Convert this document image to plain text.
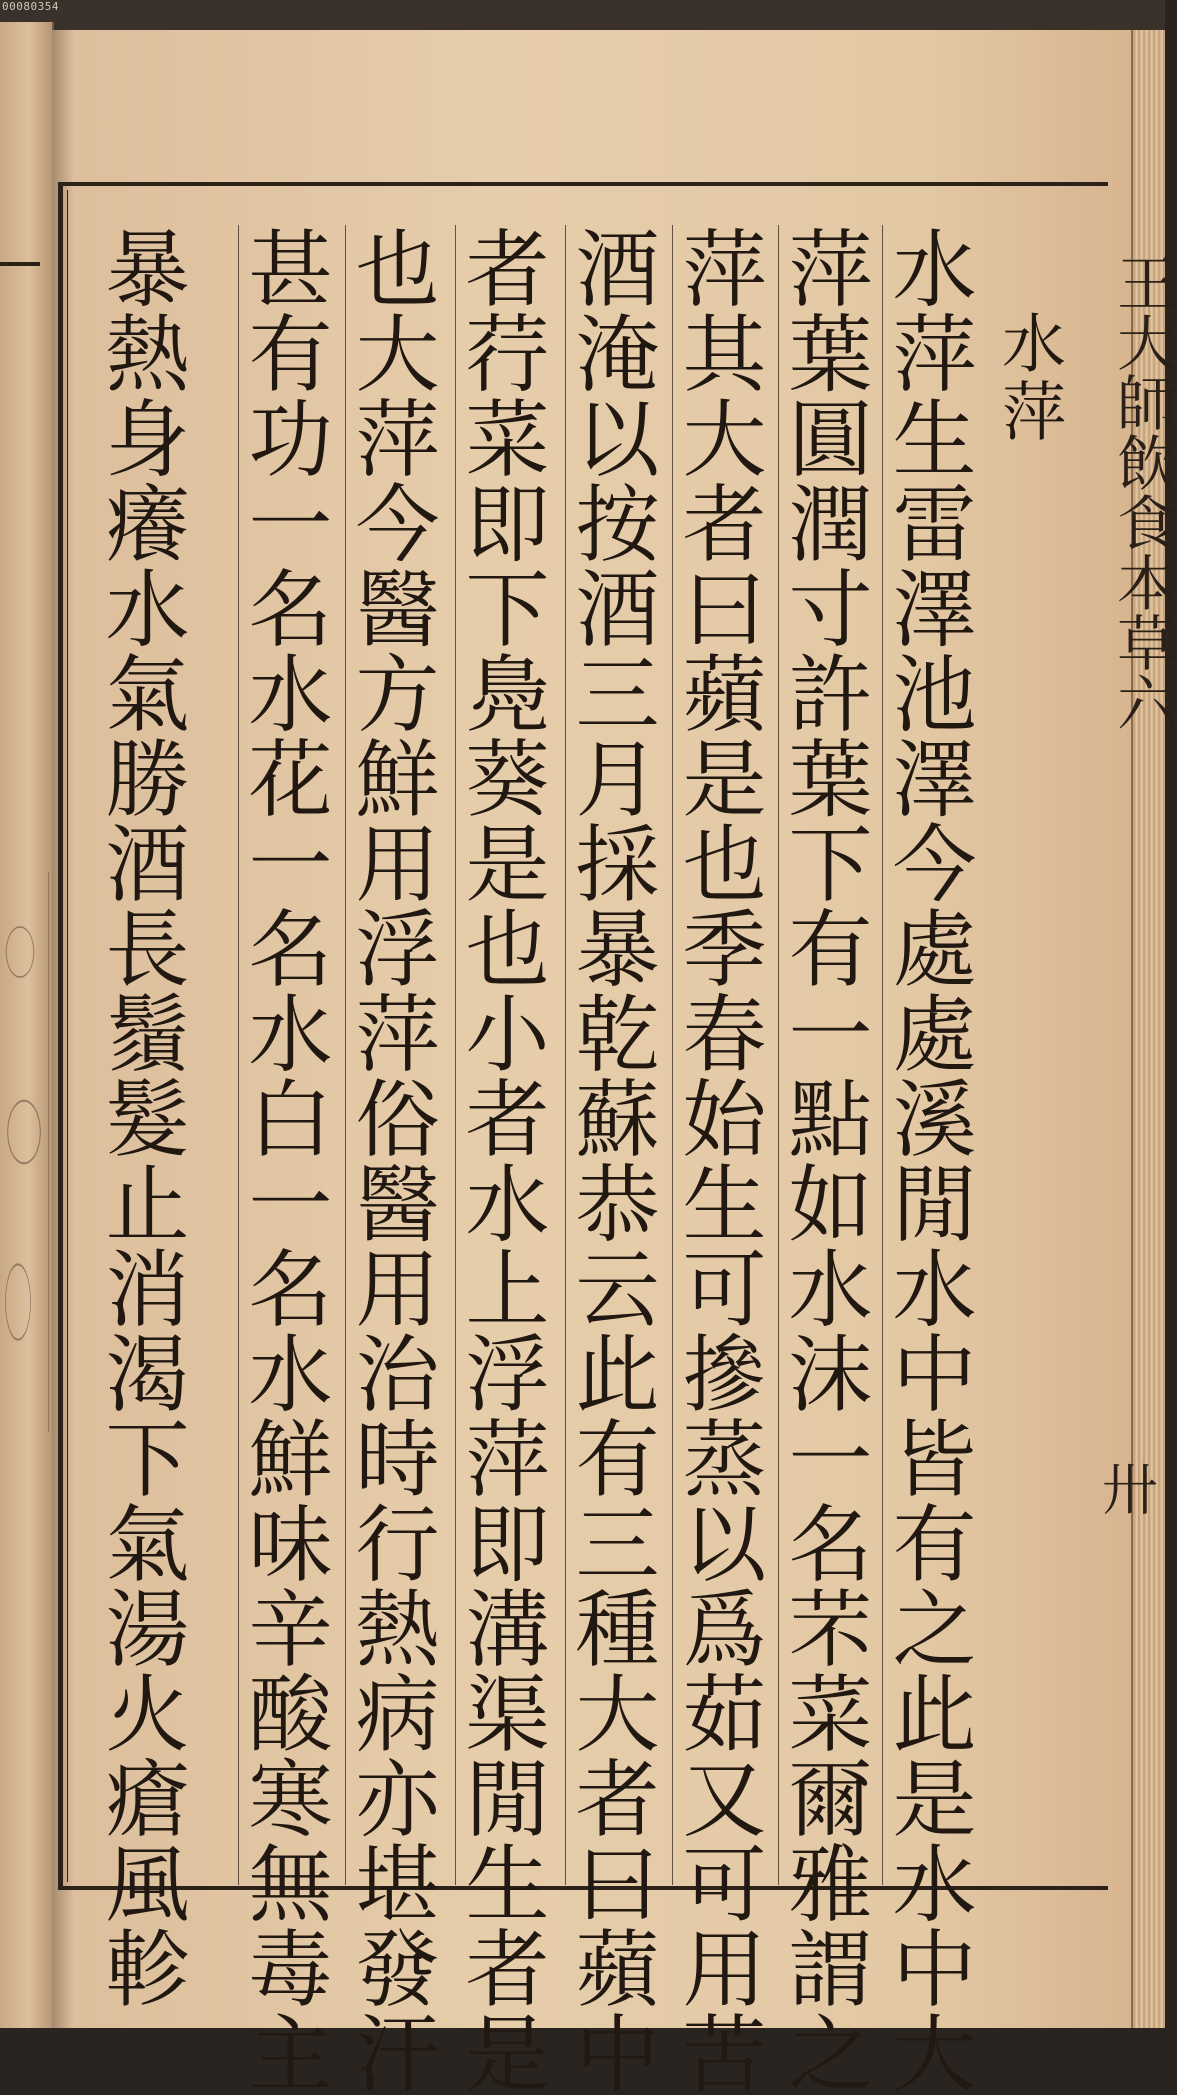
00080354
王大師飲食本草六
卅
水萍
水萍生雷澤池澤今處處溪閒水中皆有之此是水中大
萍葉圓潤寸許葉下有一點如水沫一名芣菜爾雅謂之
萍其大者曰蘋是也季春始生可摻蒸以爲茹又可用苦
酒淹以按酒三月採暴乾蘇恭云此有三種大者曰蘋中
者荇菜即下鳧葵是也小者水上浮萍即溝渠閒生者是
也大萍今醫方鮮用浮萍俗醫用治時行熱病亦堪發汗
甚有功一名水花一名水白一名水鮮味辛酸寒無毒主
暴熱身癢水氣勝酒長鬚髮止消渴下氣湯火瘡風軫
